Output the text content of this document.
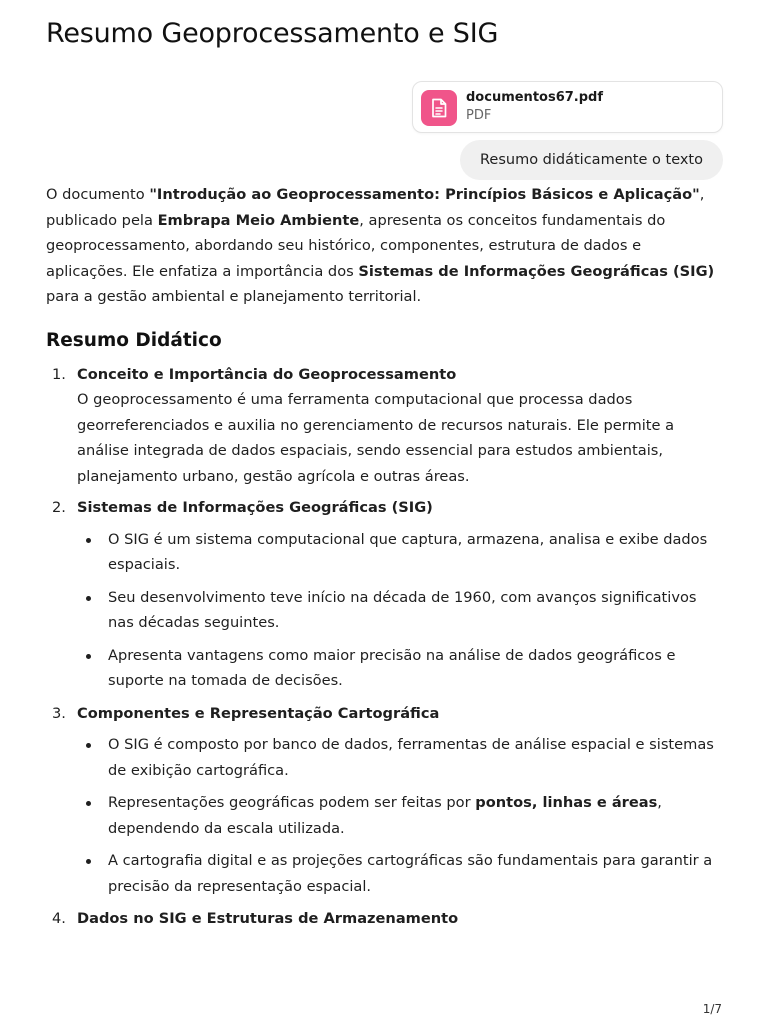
Resumo Geoprocessamento e SIG
documentos67.pdf
PDF
Resumo didáticamente o texto

O documento "Introdução ao Geoprocessamento: Princípios Básicos e Aplicação", publicado pela Embrapa Meio Ambiente, apresenta os conceitos fundamentais do geoprocessamento, abordando seu histórico, componentes, estrutura de dados e aplicações. Ele enfatiza a importância dos Sistemas de Informações Geográficas (SIG) para a gestão ambiental e planejamento territorial.

Resumo Didático
1. Conceito e Importância do Geoprocessamento
O geoprocessamento é uma ferramenta computacional que processa dados georreferenciados e auxilia no gerenciamento de recursos naturais. Ele permite a análise integrada de dados espaciais, sendo essencial para estudos ambientais, planejamento urbano, gestão agrícola e outras áreas.
2. Sistemas de Informações Geográficas (SIG)
O SIG é um sistema computacional que captura, armazena, analisa e exibe dados espaciais.
Seu desenvolvimento teve início na década de 1960, com avanços significativos nas décadas seguintes.
Apresenta vantagens como maior precisão na análise de dados geográficos e suporte na tomada de decisões.
3. Componentes e Representação Cartográfica
O SIG é composto por banco de dados, ferramentas de análise espacial e sistemas de exibição cartográfica.
Representações geográficas podem ser feitas por pontos, linhas e áreas, dependendo da escala utilizada.
A cartografia digital e as projeções cartográficas são fundamentais para garantir a precisão da representação espacial.
4. Dados no SIG e Estruturas de Armazenamento
1/7
